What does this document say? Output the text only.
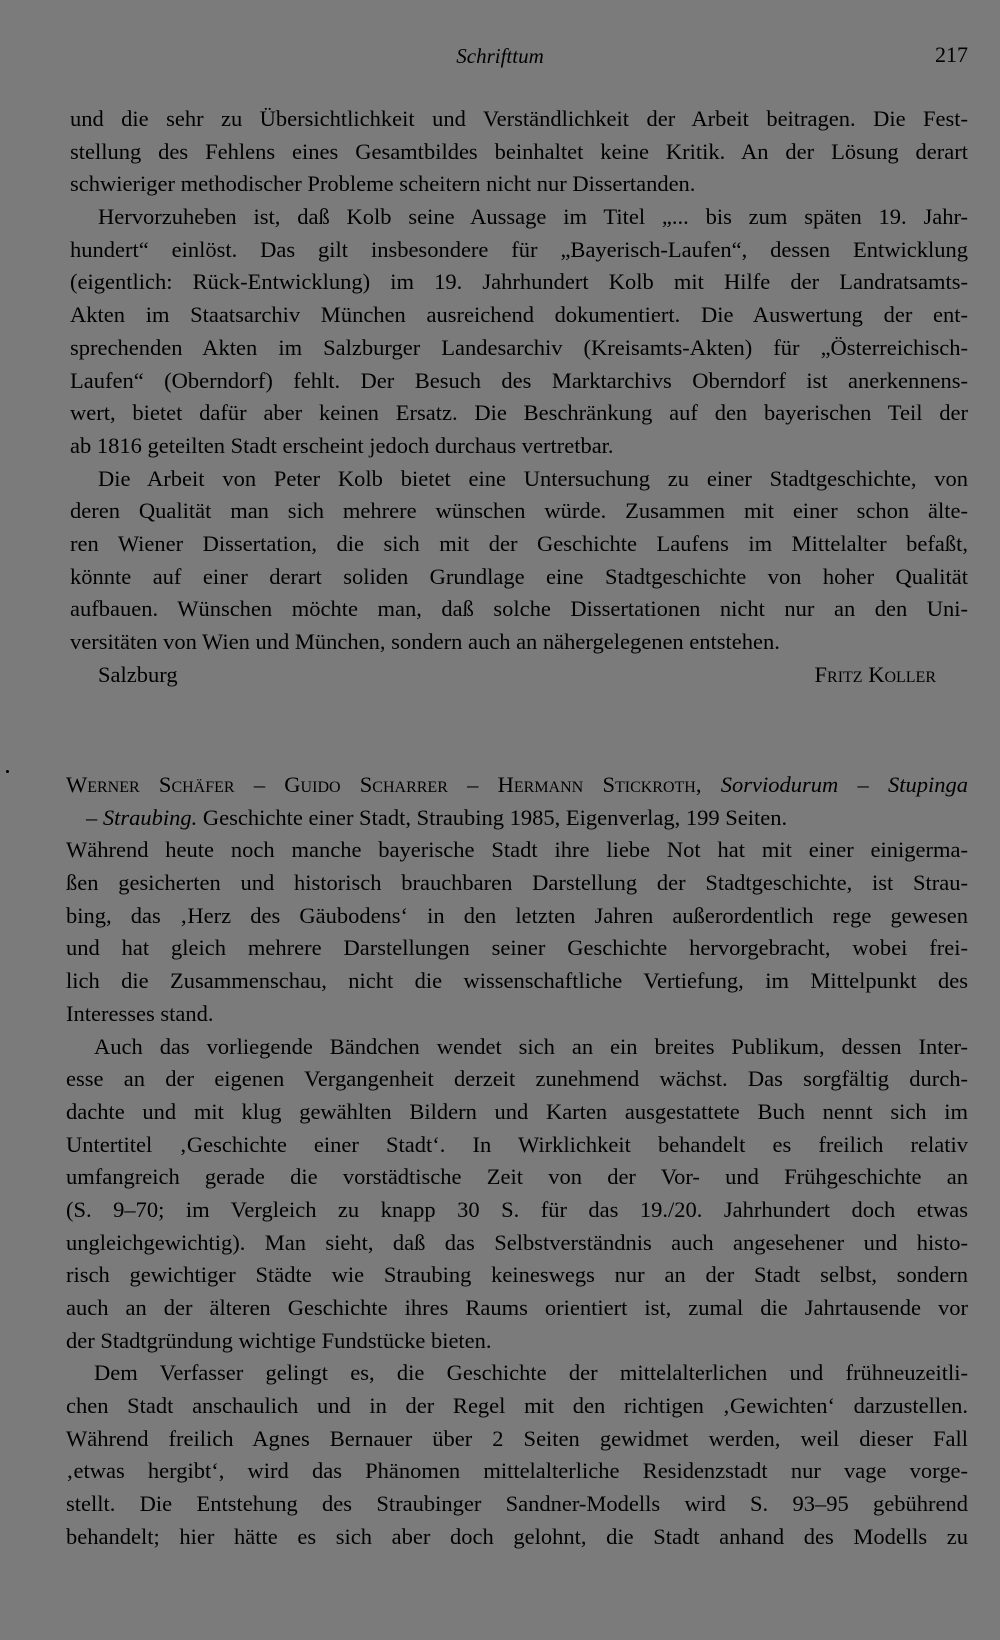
Schrifttum	217
und die sehr zu Übersichtlichkeit und Verständlichkeit der Arbeit beitragen. Die Fest-
stellung des Fehlens eines Gesamtbildes beinhaltet keine Kritik. An der Lösung derart
schwieriger methodischer Probleme scheitern nicht nur Dissertanden.
Hervorzuheben ist, daß Kolb seine Aussage im Titel „... bis zum späten 19. Jahr-
hundert“ einlöst. Das gilt insbesondere für „Bayerisch-Laufen“, dessen Entwicklung
(eigentlich: Rück-Entwicklung) im 19. Jahrhundert Kolb mit Hilfe der Landratsamts-
Akten im Staatsarchiv München ausreichend dokumentiert. Die Auswertung der ent-
sprechenden Akten im Salzburger Landesarchiv (Kreisamts-Akten) für „Österreichisch-
Laufen“ (Oberndorf) fehlt. Der Besuch des Marktarchivs Oberndorf ist anerkennens-
wert, bietet dafür aber keinen Ersatz. Die Beschränkung auf den bayerischen Teil der
ab 1816 geteilten Stadt erscheint jedoch durchaus vertretbar.
Die Arbeit von Peter Kolb bietet eine Untersuchung zu einer Stadtgeschichte, von
deren Qualität man sich mehrere wünschen würde. Zusammen mit einer schon älte-
ren Wiener Dissertation, die sich mit der Geschichte Laufens im Mittelalter befaßt,
könnte auf einer derart soliden Grundlage eine Stadtgeschichte von hoher Qualität
aufbauen. Wünschen möchte man, daß solche Dissertationen nicht nur an den Uni-
versitäten von Wien und München, sondern auch an nähergelegenen entstehen.
Salzburg	Fritz Koller
Werner Schäfer – Guido Scharrer – Hermann Stickroth, Sorviodurum – Stupinga
– Straubing. Geschichte einer Stadt, Straubing 1985, Eigenverlag, 199 Seiten.
Während heute noch manche bayerische Stadt ihre liebe Not hat mit einer einigerma-
ßen gesicherten und historisch brauchbaren Darstellung der Stadtgeschichte, ist Strau-
bing, das ‚Herz des Gäubodens‘ in den letzten Jahren außerordentlich rege gewesen
und hat gleich mehrere Darstellungen seiner Geschichte hervorgebracht, wobei frei-
lich die Zusammenschau, nicht die wissenschaftliche Vertiefung, im Mittelpunkt des
Interesses stand.
Auch das vorliegende Bändchen wendet sich an ein breites Publikum, dessen Inter-
esse an der eigenen Vergangenheit derzeit zunehmend wächst. Das sorgfältig durch-
dachte und mit klug gewählten Bildern und Karten ausgestattete Buch nennt sich im
Untertitel ‚Geschichte einer Stadt‘. In Wirklichkeit behandelt es freilich relativ
umfangreich gerade die vorstädtische Zeit von der Vor- und Frühgeschichte an
(S. 9–70; im Vergleich zu knapp 30 S. für das 19./20. Jahrhundert doch etwas
ungleichgewichtig). Man sieht, daß das Selbstverständnis auch angesehener und histo-
risch gewichtiger Städte wie Straubing keineswegs nur an der Stadt selbst, sondern
auch an der älteren Geschichte ihres Raums orientiert ist, zumal die Jahrtausende vor
der Stadtgründung wichtige Fundstücke bieten.
Dem Verfasser gelingt es, die Geschichte der mittelalterlichen und frühneuzeitli-
chen Stadt anschaulich und in der Regel mit den richtigen ‚Gewichten‘ darzustellen.
Während freilich Agnes Bernauer über 2 Seiten gewidmet werden, weil dieser Fall
‚etwas hergibt‘, wird das Phänomen mittelalterliche Residenzstadt nur vage vorge-
stellt. Die Entstehung des Straubinger Sandner-Modells wird S. 93–95 gebührend
behandelt; hier hätte es sich aber doch gelohnt, die Stadt anhand des Modells zu
